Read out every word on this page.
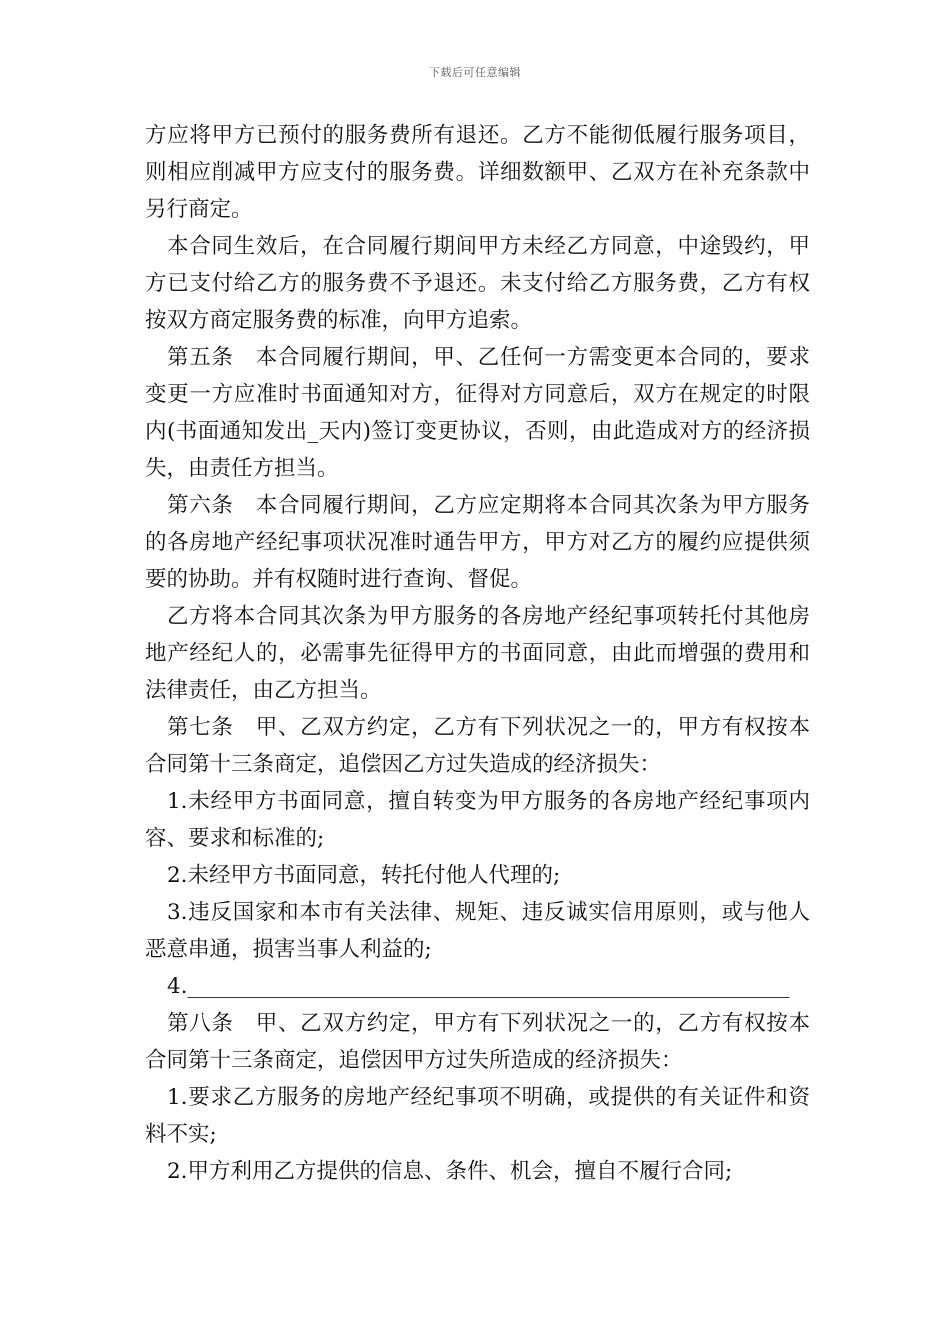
下载后可任意编辑

方应将甲方已预付的服务费所有退还。乙方不能彻低履行服务项目，则相应削减甲方应支付的服务费。详细数额甲、乙双方在补充条款中另行商定。

本合同生效后，在合同履行期间甲方未经乙方同意，中途毁约，甲方已支付给乙方的服务费不予退还。未支付给乙方服务费，乙方有权按双方商定服务费的标准，向甲方追索。

第五条　本合同履行期间，甲、乙任何一方需变更本合同的，要求变更一方应准时书面通知对方，征得对方同意后，双方在规定的时限内(书面通知发出_天内)签订变更协议，否则，由此造成对方的经济损失，由责任方担当。

第六条　本合同履行期间，乙方应定期将本合同其次条为甲方服务的各房地产经纪事项状况准时通告甲方，甲方对乙方的履约应提供须要的协助。并有权随时进行查询、督促。

乙方将本合同其次条为甲方服务的各房地产经纪事项转托付其他房地产经纪人的，必需事先征得甲方的书面同意，由此而增强的费用和法律责任，由乙方担当。

第七条　甲、乙双方约定，乙方有下列状况之一的，甲方有权按本合同第十三条商定，追偿因乙方过失造成的经济损失：

1.未经甲方书面同意，擅自转变为甲方服务的各房地产经纪事项内容、要求和标准的;

2.未经甲方书面同意，转托付他人代理的;

3.违反国家和本市有关法律、规矩、违反诚实信用原则，或与他人恶意串通，损害当事人利益的;

4.________________________________________________________

第八条　甲、乙双方约定，甲方有下列状况之一的，乙方有权按本合同第十三条商定，追偿因甲方过失所造成的经济损失：

1.要求乙方服务的房地产经纪事项不明确，或提供的有关证件和资料不实;

2.甲方利用乙方提供的信息、条件、机会，擅自不履行合同;
